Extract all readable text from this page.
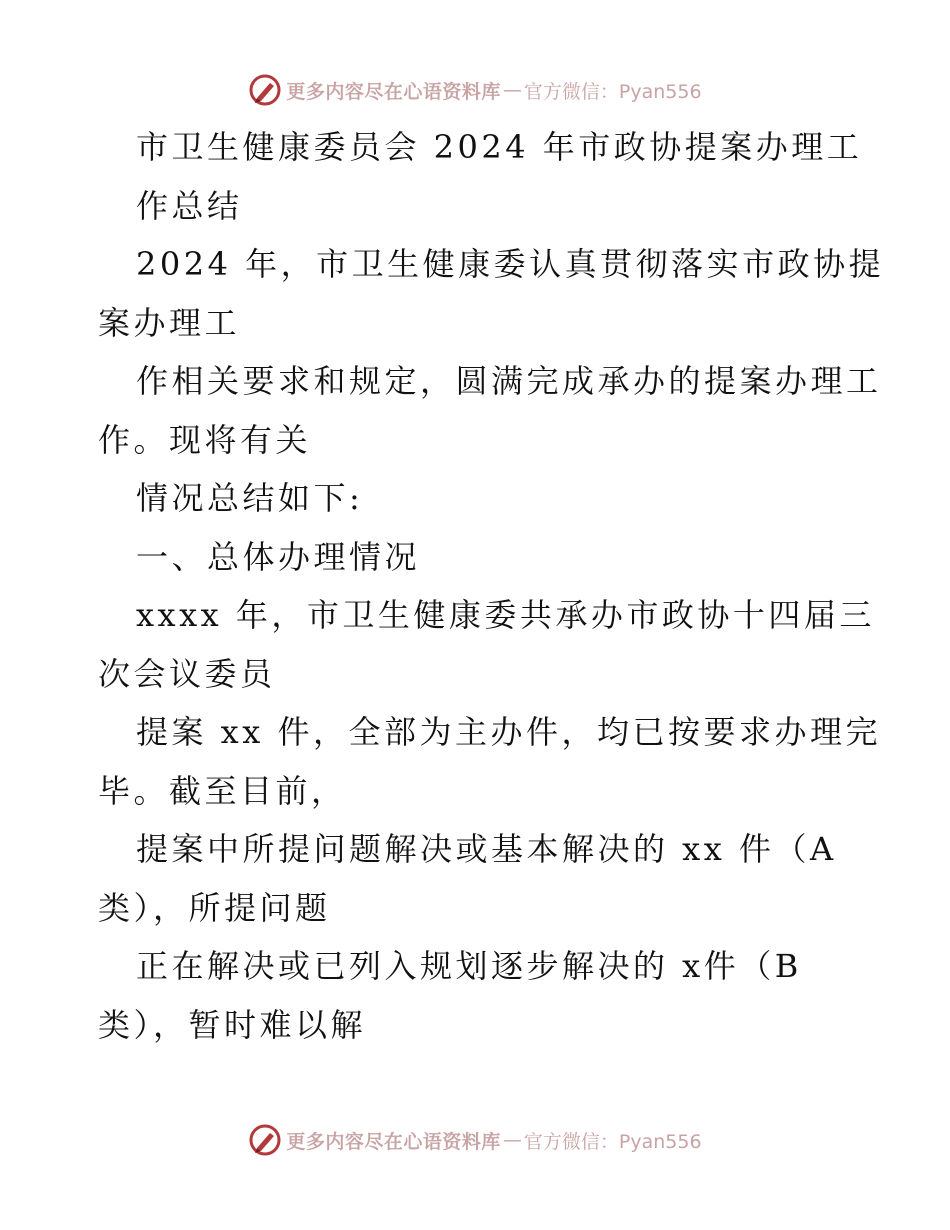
更多内容尽在心语资料库 — 官方微信：Pyan556
市卫生健康委员会 2024 年市政协提案办理工
作总结
2024 年，市卫生健康委认真贯彻落实市政协提
案办理工
作相关要求和规定，圆满完成承办的提案办理工
作。现将有关
情况总结如下:
一、总体办理情况
xxxx 年，市卫生健康委共承办市政协十四届三
次会议委员
提案 xx 件，全部为主办件，均已按要求办理完
毕。截至目前，
提案中所提问题解决或基本解决的 xx 件（A
类），所提问题
正在解决或已列入规划逐步解决的 x件（B
类），暂时难以解
更多内容尽在心语资料库 — 官方微信：Pyan556
